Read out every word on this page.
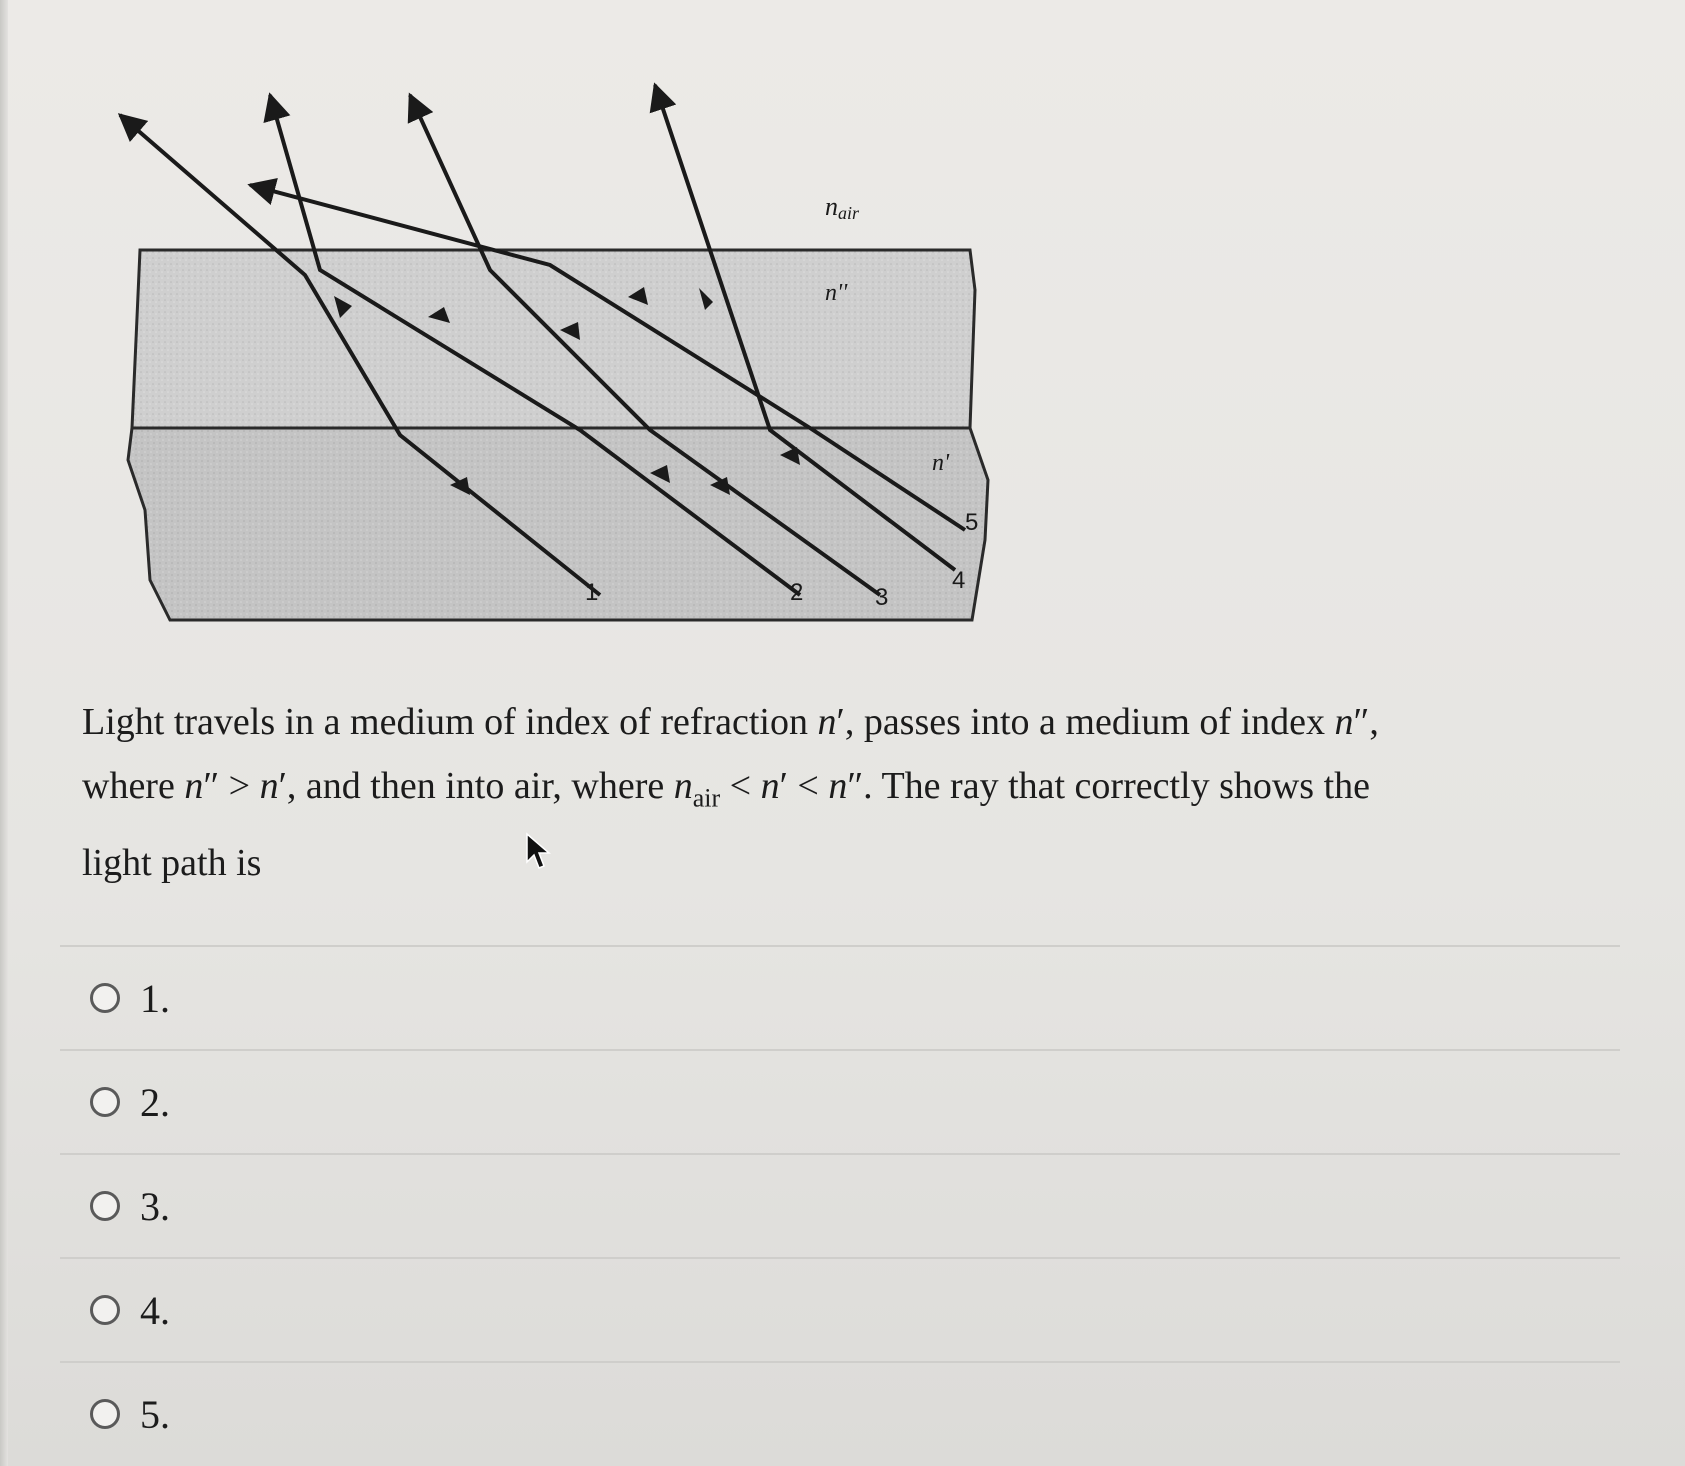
nair
n''
n'
1	2	3
4
5
Light travels in a medium of index of refraction n′, passes into a medium of index n″,
where n″ > n′, and then into air, where $n_{air} < n' < n''$. The ray that correctly shows the
light path is
1.
2.
3.
4.
5.
